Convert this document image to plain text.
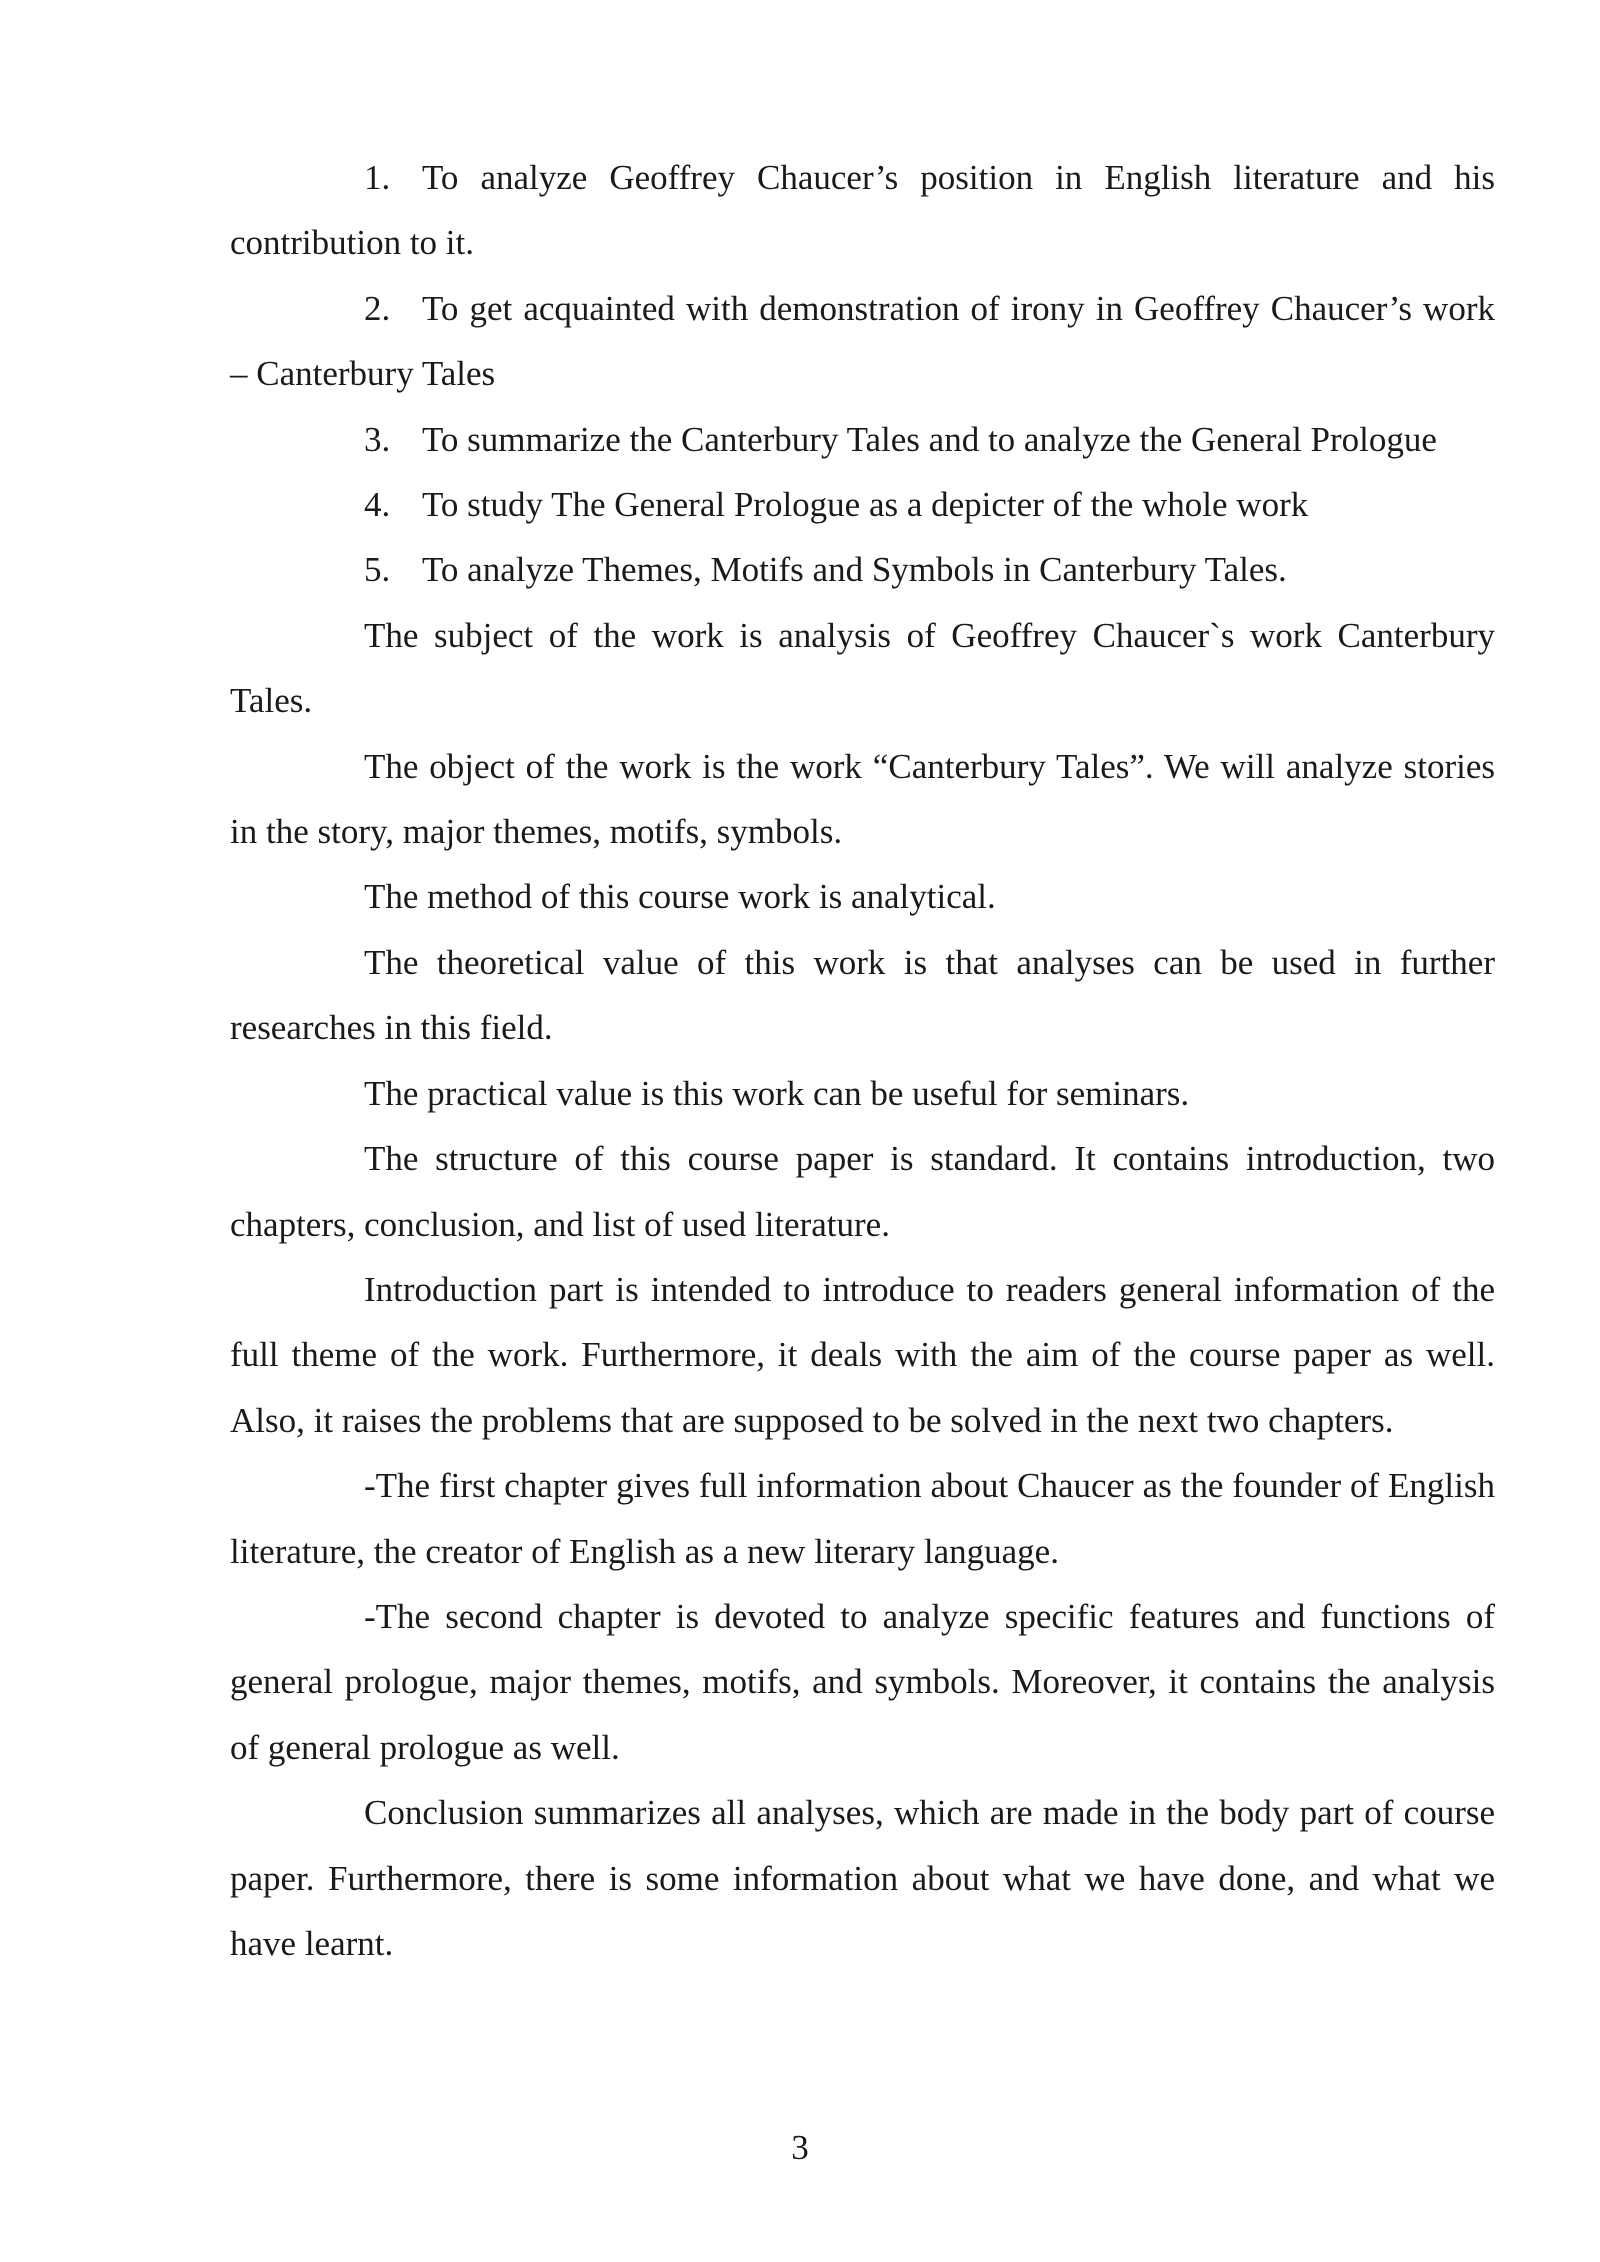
1. To analyze Geoffrey Chaucer’s position in English literature and his contribution to it.

2. To get acquainted with demonstration of irony in Geoffrey Chaucer’s work – Canterbury Tales

3. To summarize the Canterbury Tales and to analyze the General Prologue

4. To study The General Prologue as a depicter of the whole work

5. To analyze Themes, Motifs and Symbols in Canterbury Tales.

The subject of the work is analysis of Geoffrey Chaucer`s work Canterbury Tales.

The object of the work is the work “Canterbury Tales”. We will analyze stories in the story, major themes, motifs, symbols.

The method of this course work is analytical.

The theoretical value of this work is that analyses can be used in further researches in this field.

The practical value is this work can be useful for seminars.

The structure of this course paper is standard. It contains introduction, two chapters, conclusion, and list of used literature.

Introduction part is intended to introduce to readers general information of the full theme of the work. Furthermore, it deals with the aim of the course paper as well. Also, it raises the problems that are supposed to be solved in the next two chapters.

-The first chapter gives full information about Chaucer as the founder of English literature, the creator of English as a new literary language.

-The second chapter is devoted to analyze specific features and functions of general prologue, major themes, motifs, and symbols. Moreover, it contains the analysis of general prologue as well.

Conclusion summarizes all analyses, which are made in the body part of course paper. Furthermore, there is some information about what we have done, and what we have learnt.

3
